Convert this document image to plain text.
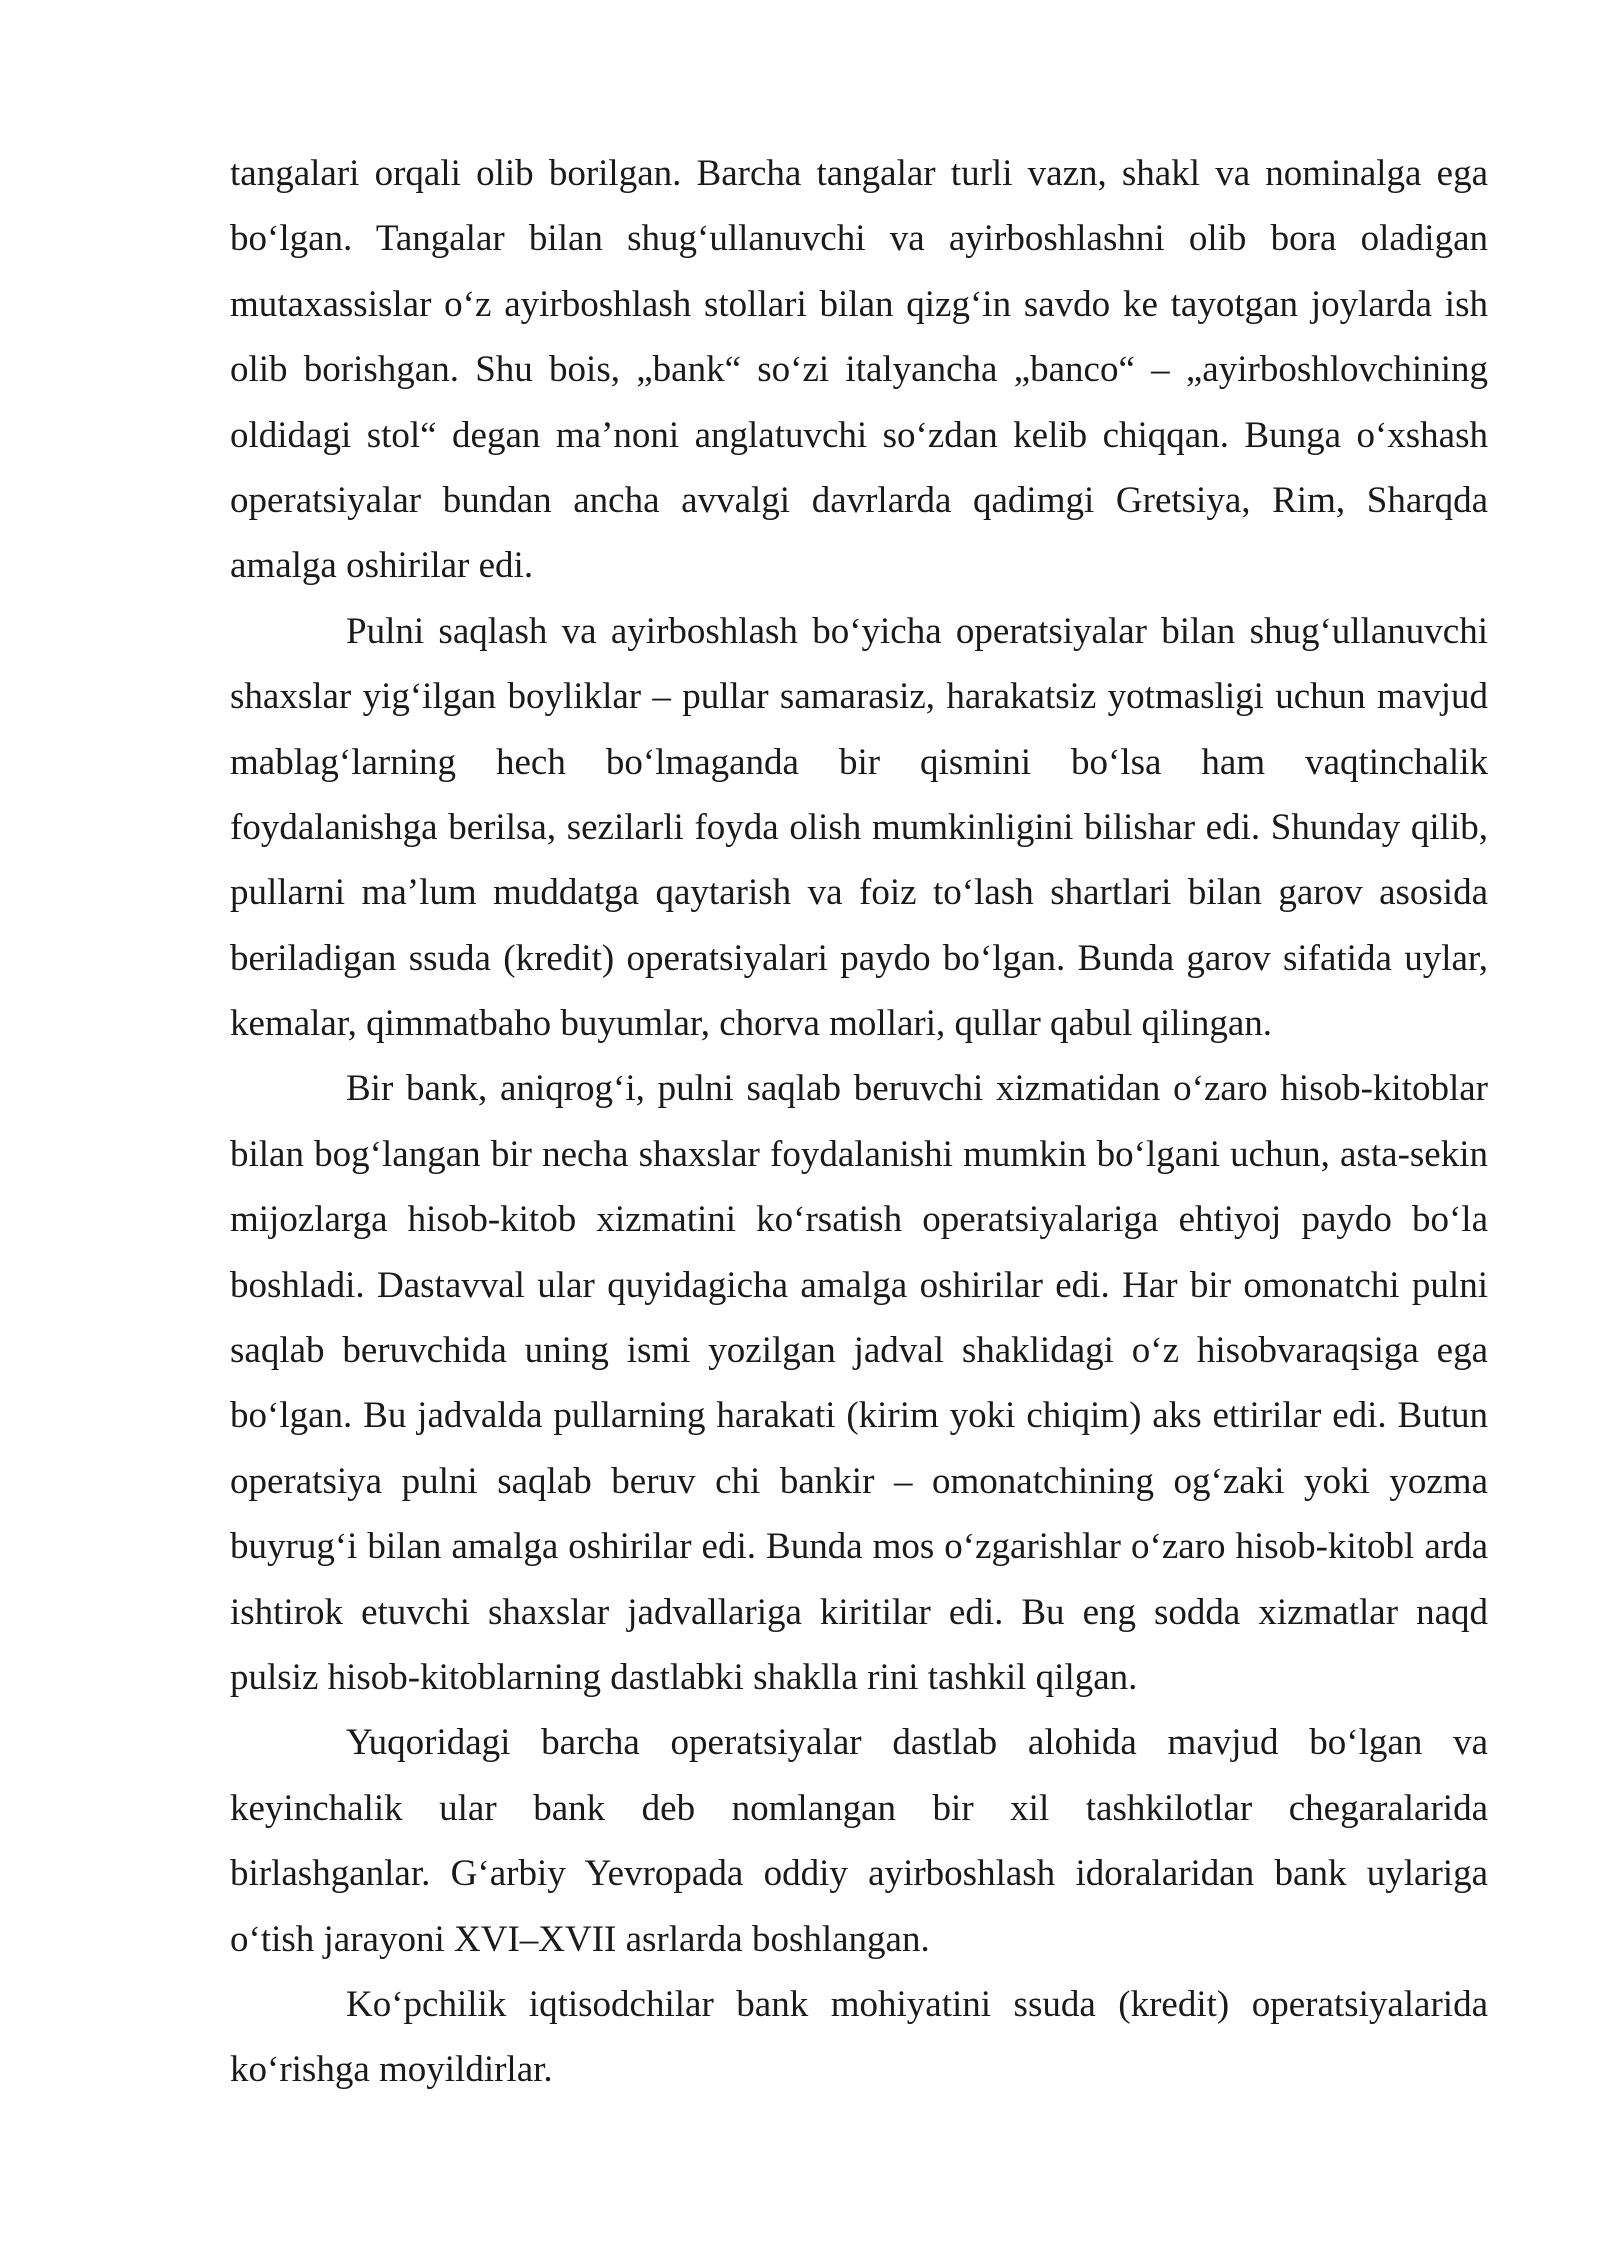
tangalari orqali olib borilgan. Barcha tangalar turli vazn, shakl va nominalga ega
bo‘lgan. Tangalar bilan shug‘ullanuvchi va ayirboshlashni olib bora oladigan
mutaxassislar o‘z ayirboshlash stollari bilan qizg‘in savdo ke tayotgan joylarda ish
olib borishgan. Shu bois, „bank“ so‘zi italyancha „banco“ – „ayirboshlovchining
oldidagi stol“ degan ma’noni anglatuvchi so‘zdan kelib chiqqan. Bunga o‘xshash
operatsiyalar bundan ancha avvalgi davrlarda qadimgi Gretsiya, Rim, Sharqda
amalga oshirilar edi.
Pulni saqlash va ayirboshlash bo‘yicha operatsiyalar bilan shug‘ullanuvchi
shaxslar yig‘ilgan boyliklar – pullar samarasiz, harakatsiz yotmasligi uchun mavjud
mablag‘larning hech bo‘lmaganda bir qismini bo‘lsa ham vaqtinchalik
foydalanishga berilsa, sezilarli foyda olish mumkinligini bilishar edi. Shunday qilib,
pullarni ma’lum muddatga qaytarish va foiz to‘lash shartlari bilan garov asosida
beriladigan ssuda (kredit) operatsiyalari paydo bo‘lgan. Bunda garov sifatida uylar,
kemalar, qimmatbaho buyumlar, chorva mollari, qullar qabul qilingan.
Bir bank, aniqrog‘i, pulni saqlab beruvchi xizmatidan o‘zaro hisob-kitoblar
bilan bog‘langan bir necha shaxslar foydalanishi mumkin bo‘lgani uchun, asta-sekin
mijozlarga hisob-kitob xizmatini ko‘rsatish operatsiyalariga ehtiyoj paydo bo‘la
boshladi. Dastavval ular quyidagicha amalga oshirilar edi. Har bir omonatchi pulni
saqlab beruvchida uning ismi yozilgan jadval shaklidagi o‘z hisobvaraqsiga ega
bo‘lgan. Bu jadvalda pullarning harakati (kirim yoki chiqim) aks ettirilar edi. Butun
operatsiya pulni saqlab beruv chi bankir – omonatchining og‘zaki yoki yozma
buyrug‘i bilan amalga oshirilar edi. Bunda mos o‘zgarishlar o‘zaro hisob-kitobl arda
ishtirok etuvchi shaxslar jadvallariga kiritilar edi. Bu eng sodda xizmatlar naqd
pulsiz hisob-kitoblarning dastlabki shaklla rini tashkil qilgan.
Yuqoridagi barcha operatsiyalar dastlab alohida mavjud bo‘lgan va
keyinchalik ular bank deb nomlangan bir xil tashkilotlar chegaralarida
birlashganlar. G‘arbiy Yevropada oddiy ayirboshlash idoralaridan bank uylariga
o‘tish jarayoni XVI–XVII asrlarda boshlangan.
Ko‘pchilik iqtisodchilar bank mohiyatini ssuda (kredit) operatsiyalarida
ko‘rishga moyildirlar.
